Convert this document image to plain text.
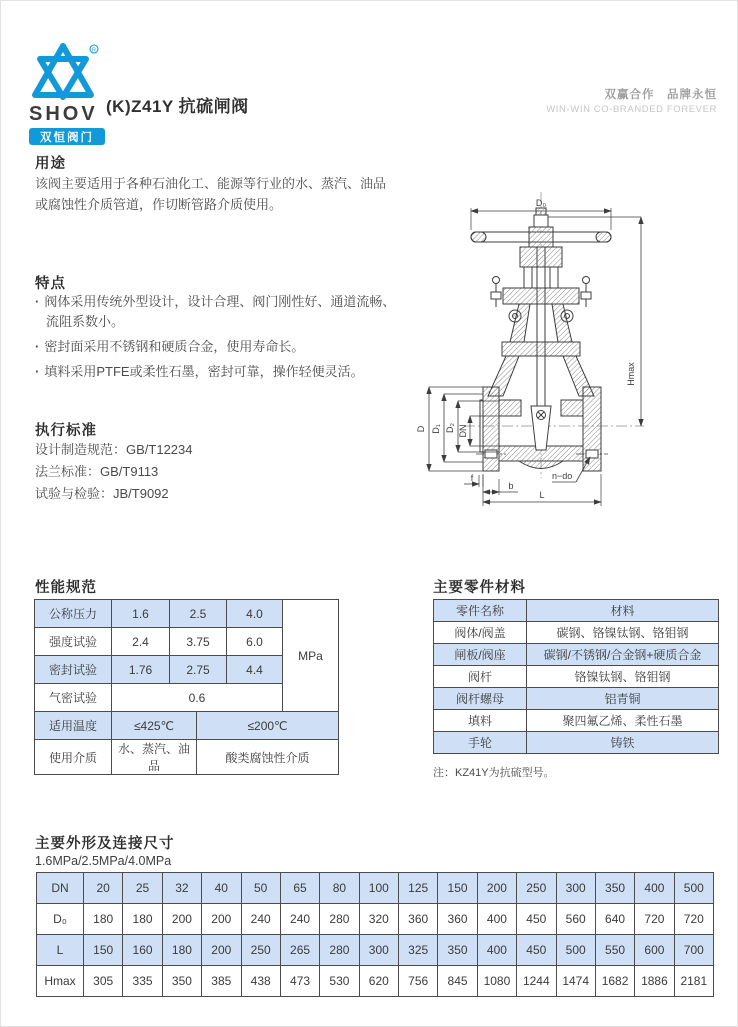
R
SHOV
双恒阀门
(K)Z41Y 抗硫闸阀
双赢合作　品牌永恒
WIN-WIN CO-BRANDED FOREVER
用途
该阀主要适用于各种石油化工、能源等行业的水、蒸汽、油品
或腐蚀性介质管道，作切断管路介质使用。
特点
· 阀体采用传统外型设计，设计合理、阀门刚性好、通道流畅、流阻系数小。
· 密封面采用不锈钢和硬质合金，使用寿命长。
· 填料采用PTFE或柔性石墨，密封可靠，操作轻便灵活。
执行标准
设计制造规范：GB/T12234
法兰标准：GB/T9113
试验与检验：JB/T9092
D₀
Hmax
D D₁ D₂ DN
f
b
n−do
L
性能规范
公称压力	1.6	2.5		4.0	MPa
强度试验	2.4	3.75		6.0	
密封试验	1.76	2.75		4.4	
气密试验	0.6				
适用温度	≤425℃		≤200℃		
使用介质	水、蒸汽、油品		酸类腐蚀性介质		
主要零件材料
零件名称	材料
阀体/阀盖	碳钢、铬镍钛钢、铬钼钢
闸板/阀座	碳钢/不锈钢/合金钢+硬质合金
阀杆	铬镍钛钢、铬钼钢
阀杆螺母	铝青铜
填料	聚四氟乙烯、柔性石墨
手轮	铸铁
注：KZ41Y为抗硫型号。
主要外形及连接尺寸
1.6MPa/2.5MPa/4.0MPa
DN	20	25	32	40	50	65	80	100	125	150	200	250	300	350	400	500
D₀	180	180	200	200	240	240	280	320	360	360	400	450	560	640	720	720
L	150	160	180	200	250	265	280	300	325	350	400	450	500	550	600	700
Hmax	305	335	350	385	438	473	530	620	756	845	1080	1244	1474	1682	1886	2181
